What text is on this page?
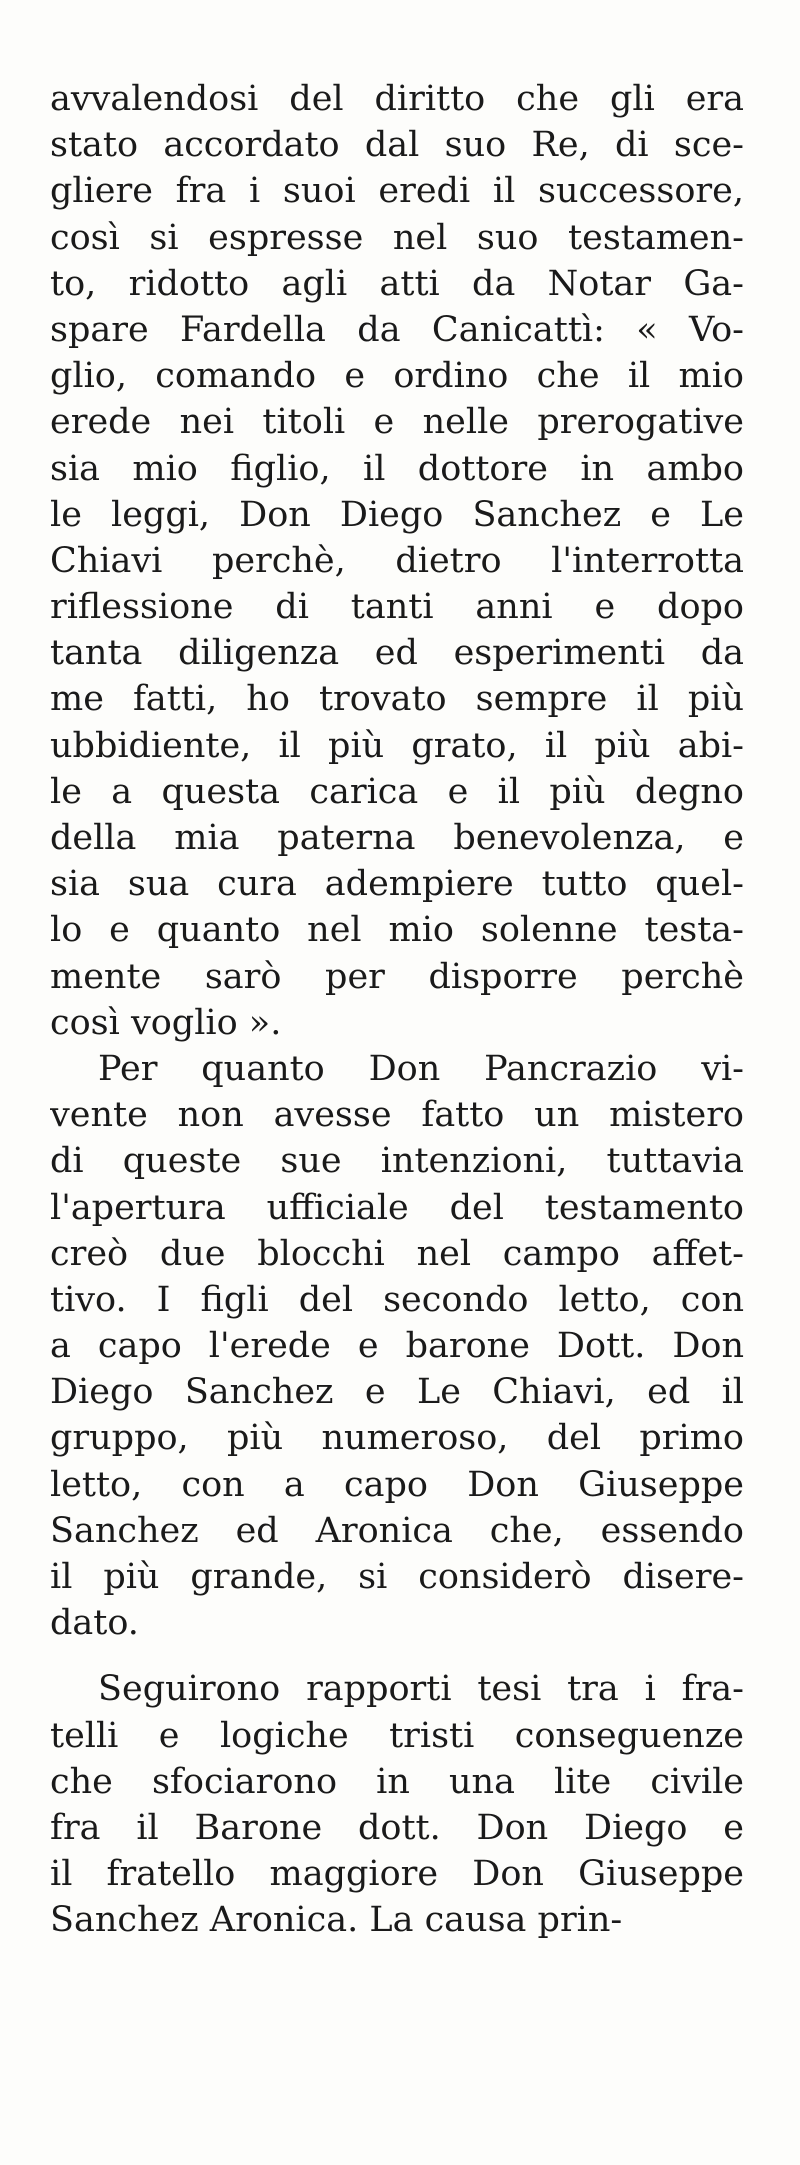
avvalendosi del diritto che gli era
stato accordato dal suo Re, di sce-
gliere fra i suoi eredi il successore,
così si espresse nel suo testamen-
to, ridotto agli atti da Notar Ga-
spare Fardella da Canicattì: « Vo-
glio, comando e ordino che il mio
erede nei titoli e nelle prerogative
sia mio figlio, il dottore in ambo
le leggi, Don Diego Sanchez e Le
Chiavi perchè, dietro l'interrotta
riflessione di tanti anni e dopo
tanta diligenza ed esperimenti da
me fatti, ho trovato sempre il più
ubbidiente, il più grato, il più abi-
le a questa carica e il più degno
della mia paterna benevolenza, e
sia sua cura adempiere tutto quel-
lo e quanto nel mio solenne testa-
mente sarò per disporre perchè
così voglio ».
Per quanto Don Pancrazio vi-
vente non avesse fatto un mistero
di queste sue intenzioni, tuttavia
l'apertura ufficiale del testamento
creò due blocchi nel campo affet-
tivo. I figli del secondo letto, con
a capo l'erede e barone Dott. Don
Diego Sanchez e Le Chiavi, ed il
gruppo, più numeroso, del primo
letto, con a capo Don Giuseppe
Sanchez ed Aronica che, essendo
il più grande, si considerò disere-
dato.
Seguirono rapporti tesi tra i fra-
telli e logiche tristi conseguenze
che sfociarono in una lite civile
fra il Barone dott. Don Diego e
il fratello maggiore Don Giuseppe
Sanchez Aronica. La causa prin-
